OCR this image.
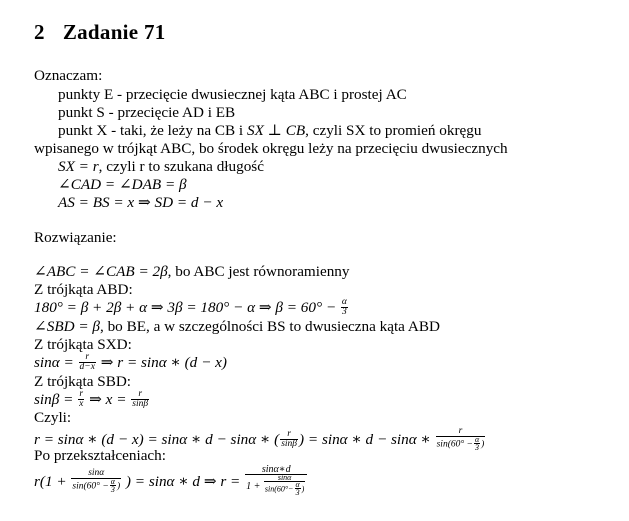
2 Zadanie 71
Oznaczam:
punkty E - przecięcie dwusiecznej kąta ABC i prostej AC
punkt S - przecięcie AD i EB
punkt X - taki, że leży na CB i SX ⊥ CB, czyli SX to promień okręgu
wpisanego w trójkąt ABC, bo środek okręgu leży na przecięciu dwusiecznych
SX = r, czyli r to szukana długość
∠CAD = ∠DAB = β
AS = BS = x ⇒ SD = d − x
Rozwiązanie:
∠ABC = ∠CAB = 2β, bo ABC jest równoramienny
Z trójkąta ABD:
180° = β + 2β + α ⇒ 3β = 180° − α ⇒ $\beta = 60^\circ - \frac{\alpha}{3}$
∠SBD = β, bo BE, a w szczególności BS to dwusieczna kąta ABD
Z trójkąta SXD:
$\sin\alpha = \frac{r}{d-x}$ ⇒ r = sinα ∗ (d − x)
Z trójkąta SBD:
$\sin\beta = \frac{r}{x}$ ⇒ $x = \frac{r}{\sin\beta}$
Czyli:
r = sinα ∗ (d − x) = sinα ∗ d − sinα ∗ ( $\frac{r}{\sin\beta}$ ) = sinα ∗ d − sinα ∗ $\frac{r}{\sin(60^\circ - \frac{\alpha}{3} )}$
Po przekształceniach:
$r(1 + \frac{\sin\alpha}{\sin(60^\circ - \frac{\alpha}{3} )}$ ) = sinα ∗ d ⇒ $r = \frac{\sin\alpha∗d}{1 + \frac{\sin\alpha}{\sin(60^\circ- \frac{\alpha}{3} )}}$
